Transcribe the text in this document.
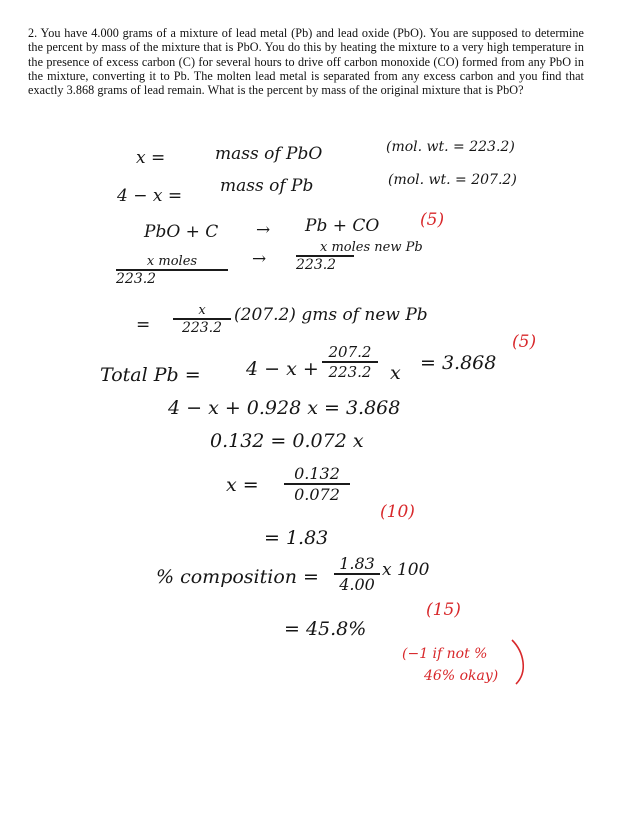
2. You have 4.000 grams of a mixture of lead metal (Pb) and lead oxide (PbO). You are supposed to determine the percent by mass of the mixture that is PbO. You do this by heating the mixture to a very high temperature in the presence of excess carbon (C) for several hours to drive off carbon monoxide (CO) formed from any PbO in the mixture, converting it to Pb. The molten lead metal is separated from any excess carbon and you find that exactly 3.868 grams of lead remain. What is the percent by mass of the original mixture that is PbO?

x =	mass of PbO	(mol. wt. = 223.2)
4 − x = mass of Pb	(mol. wt. = 207.2)
PbO + C → Pb + CO (5)
x moles
223.2
→
x moles new Pb
223.2
=
x
223.2
(207.2) gms of new Pb
Total Pb = 4 − x +
207.2
223.2 x = 3.868
(5)
4 − x + 0.928 x = 3.868
0.132 = 0.072 x
x =
0.132
0.072
(10)
= 1.83
% composition =
1.83
4.00
x 100
= 45.8%
(15)
(−1 if not %
46% okay)
